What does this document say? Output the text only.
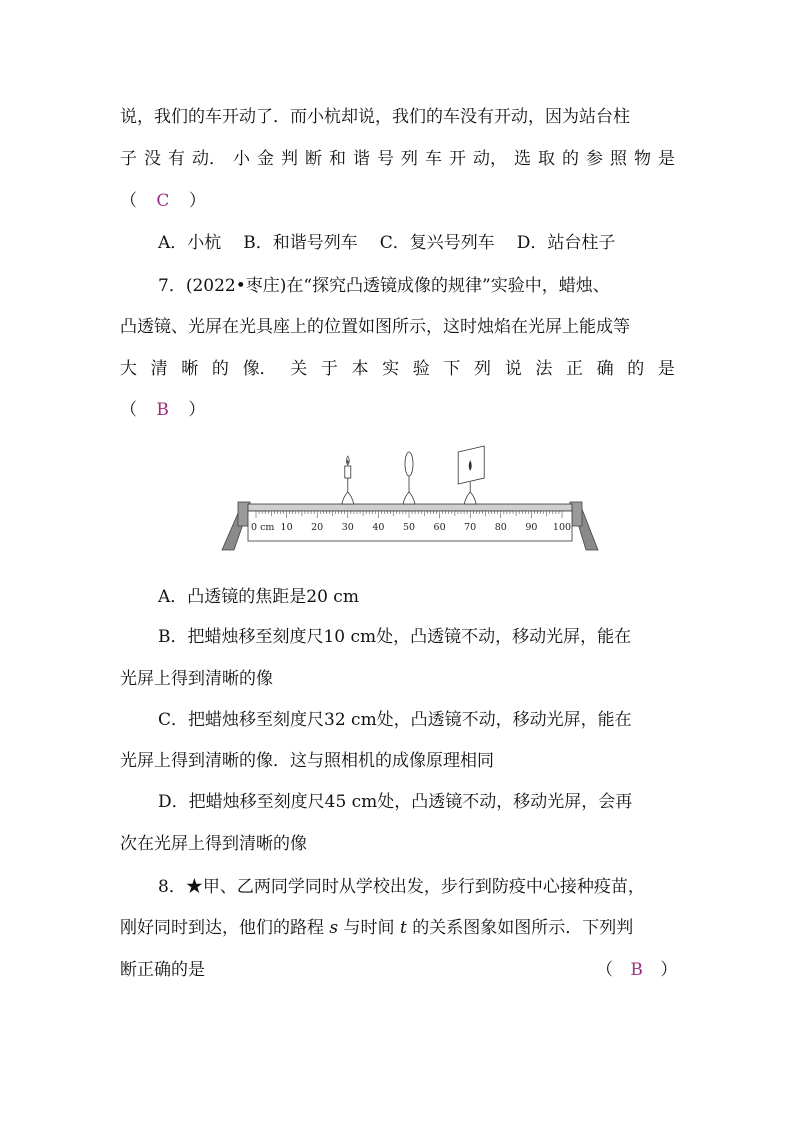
说，我们的车开动了．而小杭却说，我们的车没有开动，因为站台柱
子 没 有 动． 小 金 判 断 和 谐 号 列 车 开 动， 选 取 的 参 照 物 是
（ C ）
A．小杭 B．和谐号列车 C．复兴号列车 D．站台柱子
7．(2022•枣庄)在“探究凸透镜成像的规律”实验中，蜡烛、
凸透镜、光屏在光具座上的位置如图所示，这时烛焰在光屏上能成等
大 清 晰 的 像． 关 于 本 实 验 下 列 说 法 正 确 的 是
（ B ）
0 cm 10 20 30 40 50 60 70 80 90 100
A．凸透镜的焦距是20 cm
B．把蜡烛移至刻度尺10 cm处，凸透镜不动，移动光屏，能在
光屏上得到清晰的像
C．把蜡烛移至刻度尺32 cm处，凸透镜不动，移动光屏，能在
光屏上得到清晰的像．这与照相机的成像原理相同
D．把蜡烛移至刻度尺45 cm处，凸透镜不动，移动光屏，会再
次在光屏上得到清晰的像
8．★甲、乙两同学同时从学校出发，步行到防疫中心接种疫苗，
刚好同时到达，他们的路程 s 与时间 t 的关系图象如图所示．下列判
断正确的是	（ B ）
